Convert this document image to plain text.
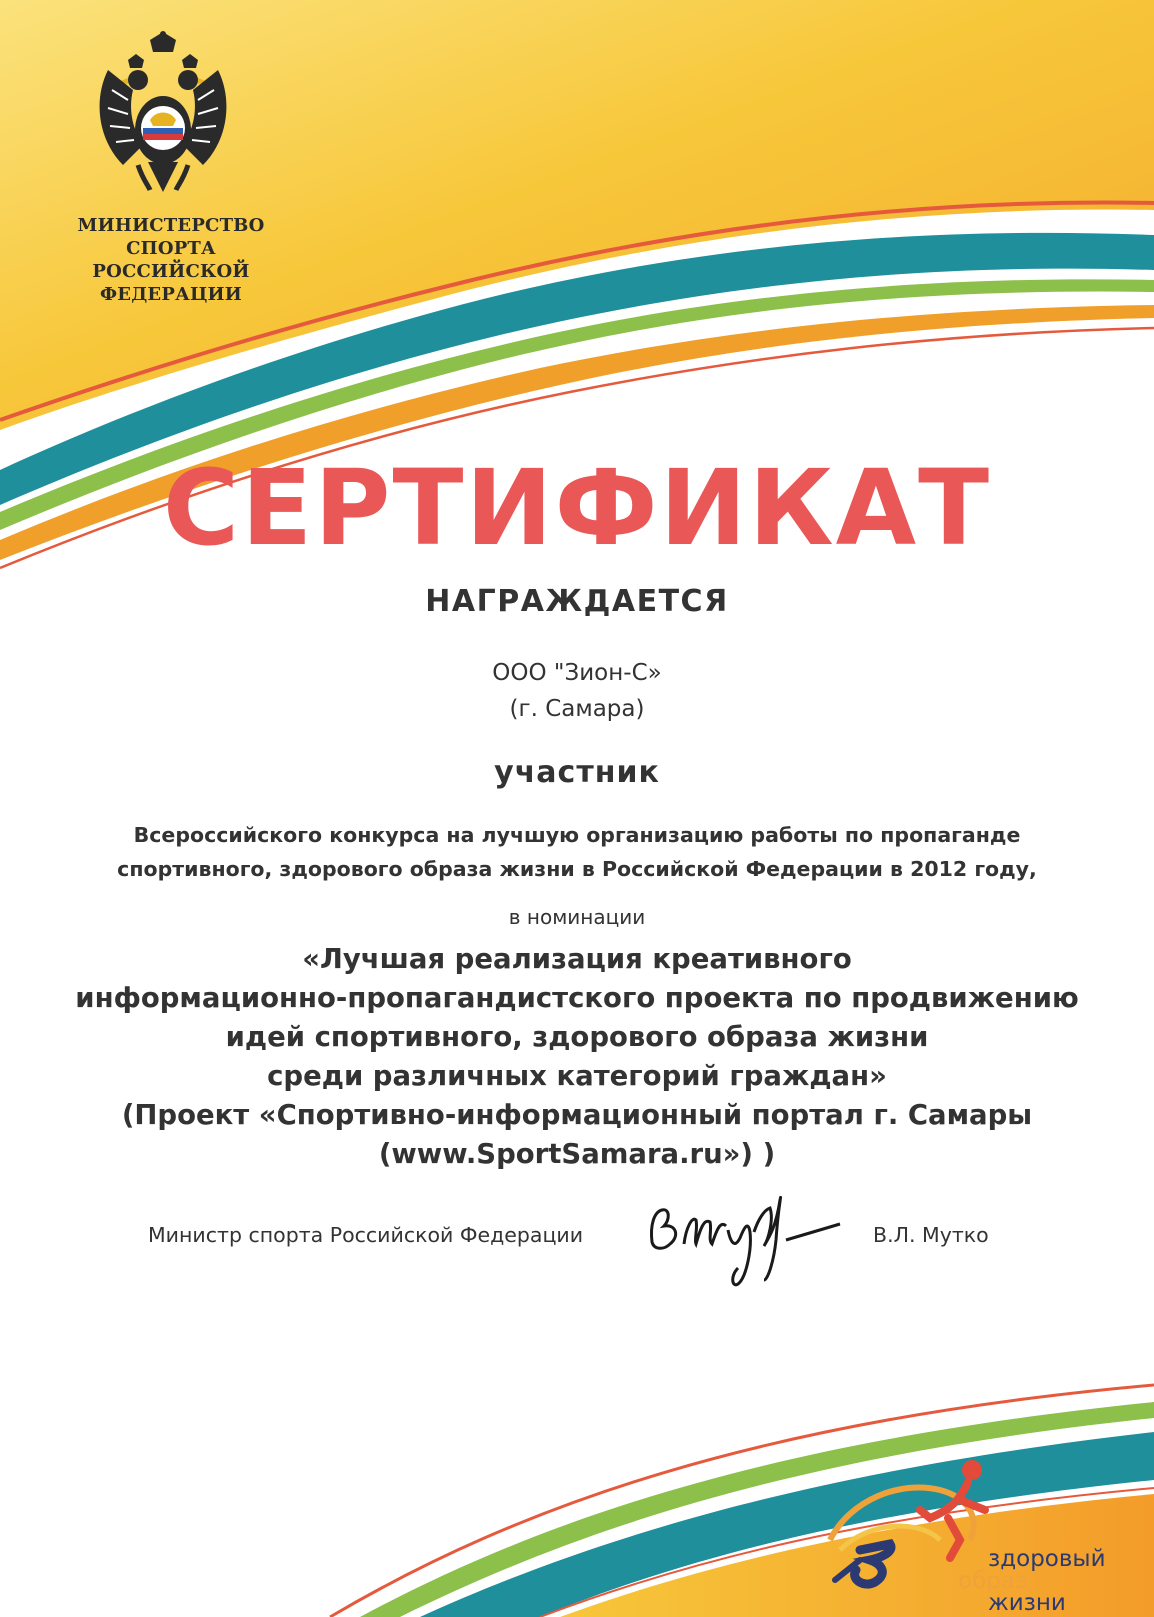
МИНИСТЕРСТВО СПОРТА
РОССИЙСКОЙ ФЕДЕРАЦИИ
СЕРТИФИКАТ
НАГРАЖДАЕТСЯ
ООО "Зион-С»
(г. Самара)
участник
Всероссийского конкурса на лучшую организацию работы по пропаганде
спортивного, здорового образа жизни в Российской Федерации в 2012 году,
в номинации
«Лучшая реализация креативного
информационно-пропагандистского проекта по продвижению
идей спортивного, здорового образа жизни
среди различных категорий граждан»
(Проект «Спортивно-информационный портал г. Самары
(www.SportSamara.ru») )
Министр спорта Российской Федерации	В.Л. Мутко
здоровый
образ
жизни
